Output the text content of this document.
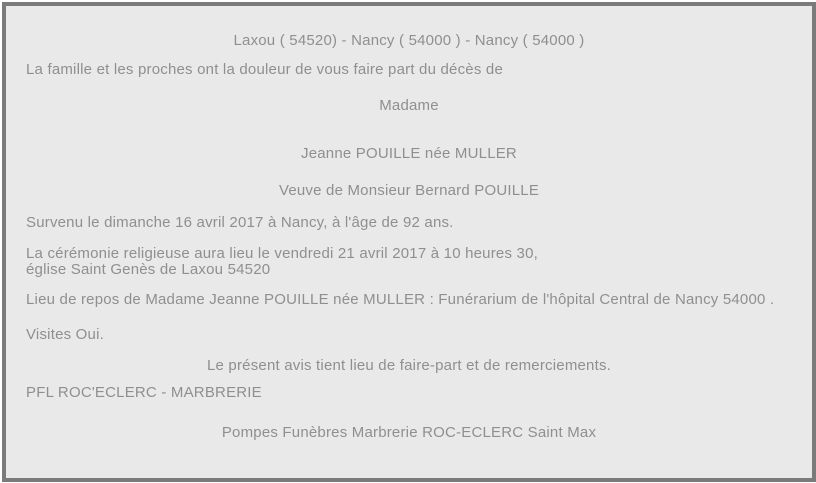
Laxou ( 54520) - Nancy ( 54000 ) - Nancy ( 54000 )

La famille et les proches ont la douleur de vous faire part du décès de

Madame

Jeanne POUILLE née MULLER

Veuve de Monsieur Bernard POUILLE

Survenu le dimanche 16 avril 2017 à Nancy, à l'âge de 92 ans.

La cérémonie religieuse aura lieu le vendredi 21 avril 2017 à 10 heures 30,
église Saint Genès de Laxou 54520

Lieu de repos de Madame Jeanne POUILLE née MULLER : Funérarium de l'hôpital Central de Nancy 54000 .

Visites Oui.

Le présent avis tient lieu de faire-part et de remerciements.

PFL ROC'ECLERC - MARBRERIE

Pompes Funèbres Marbrerie ROC-ECLERC Saint Max
